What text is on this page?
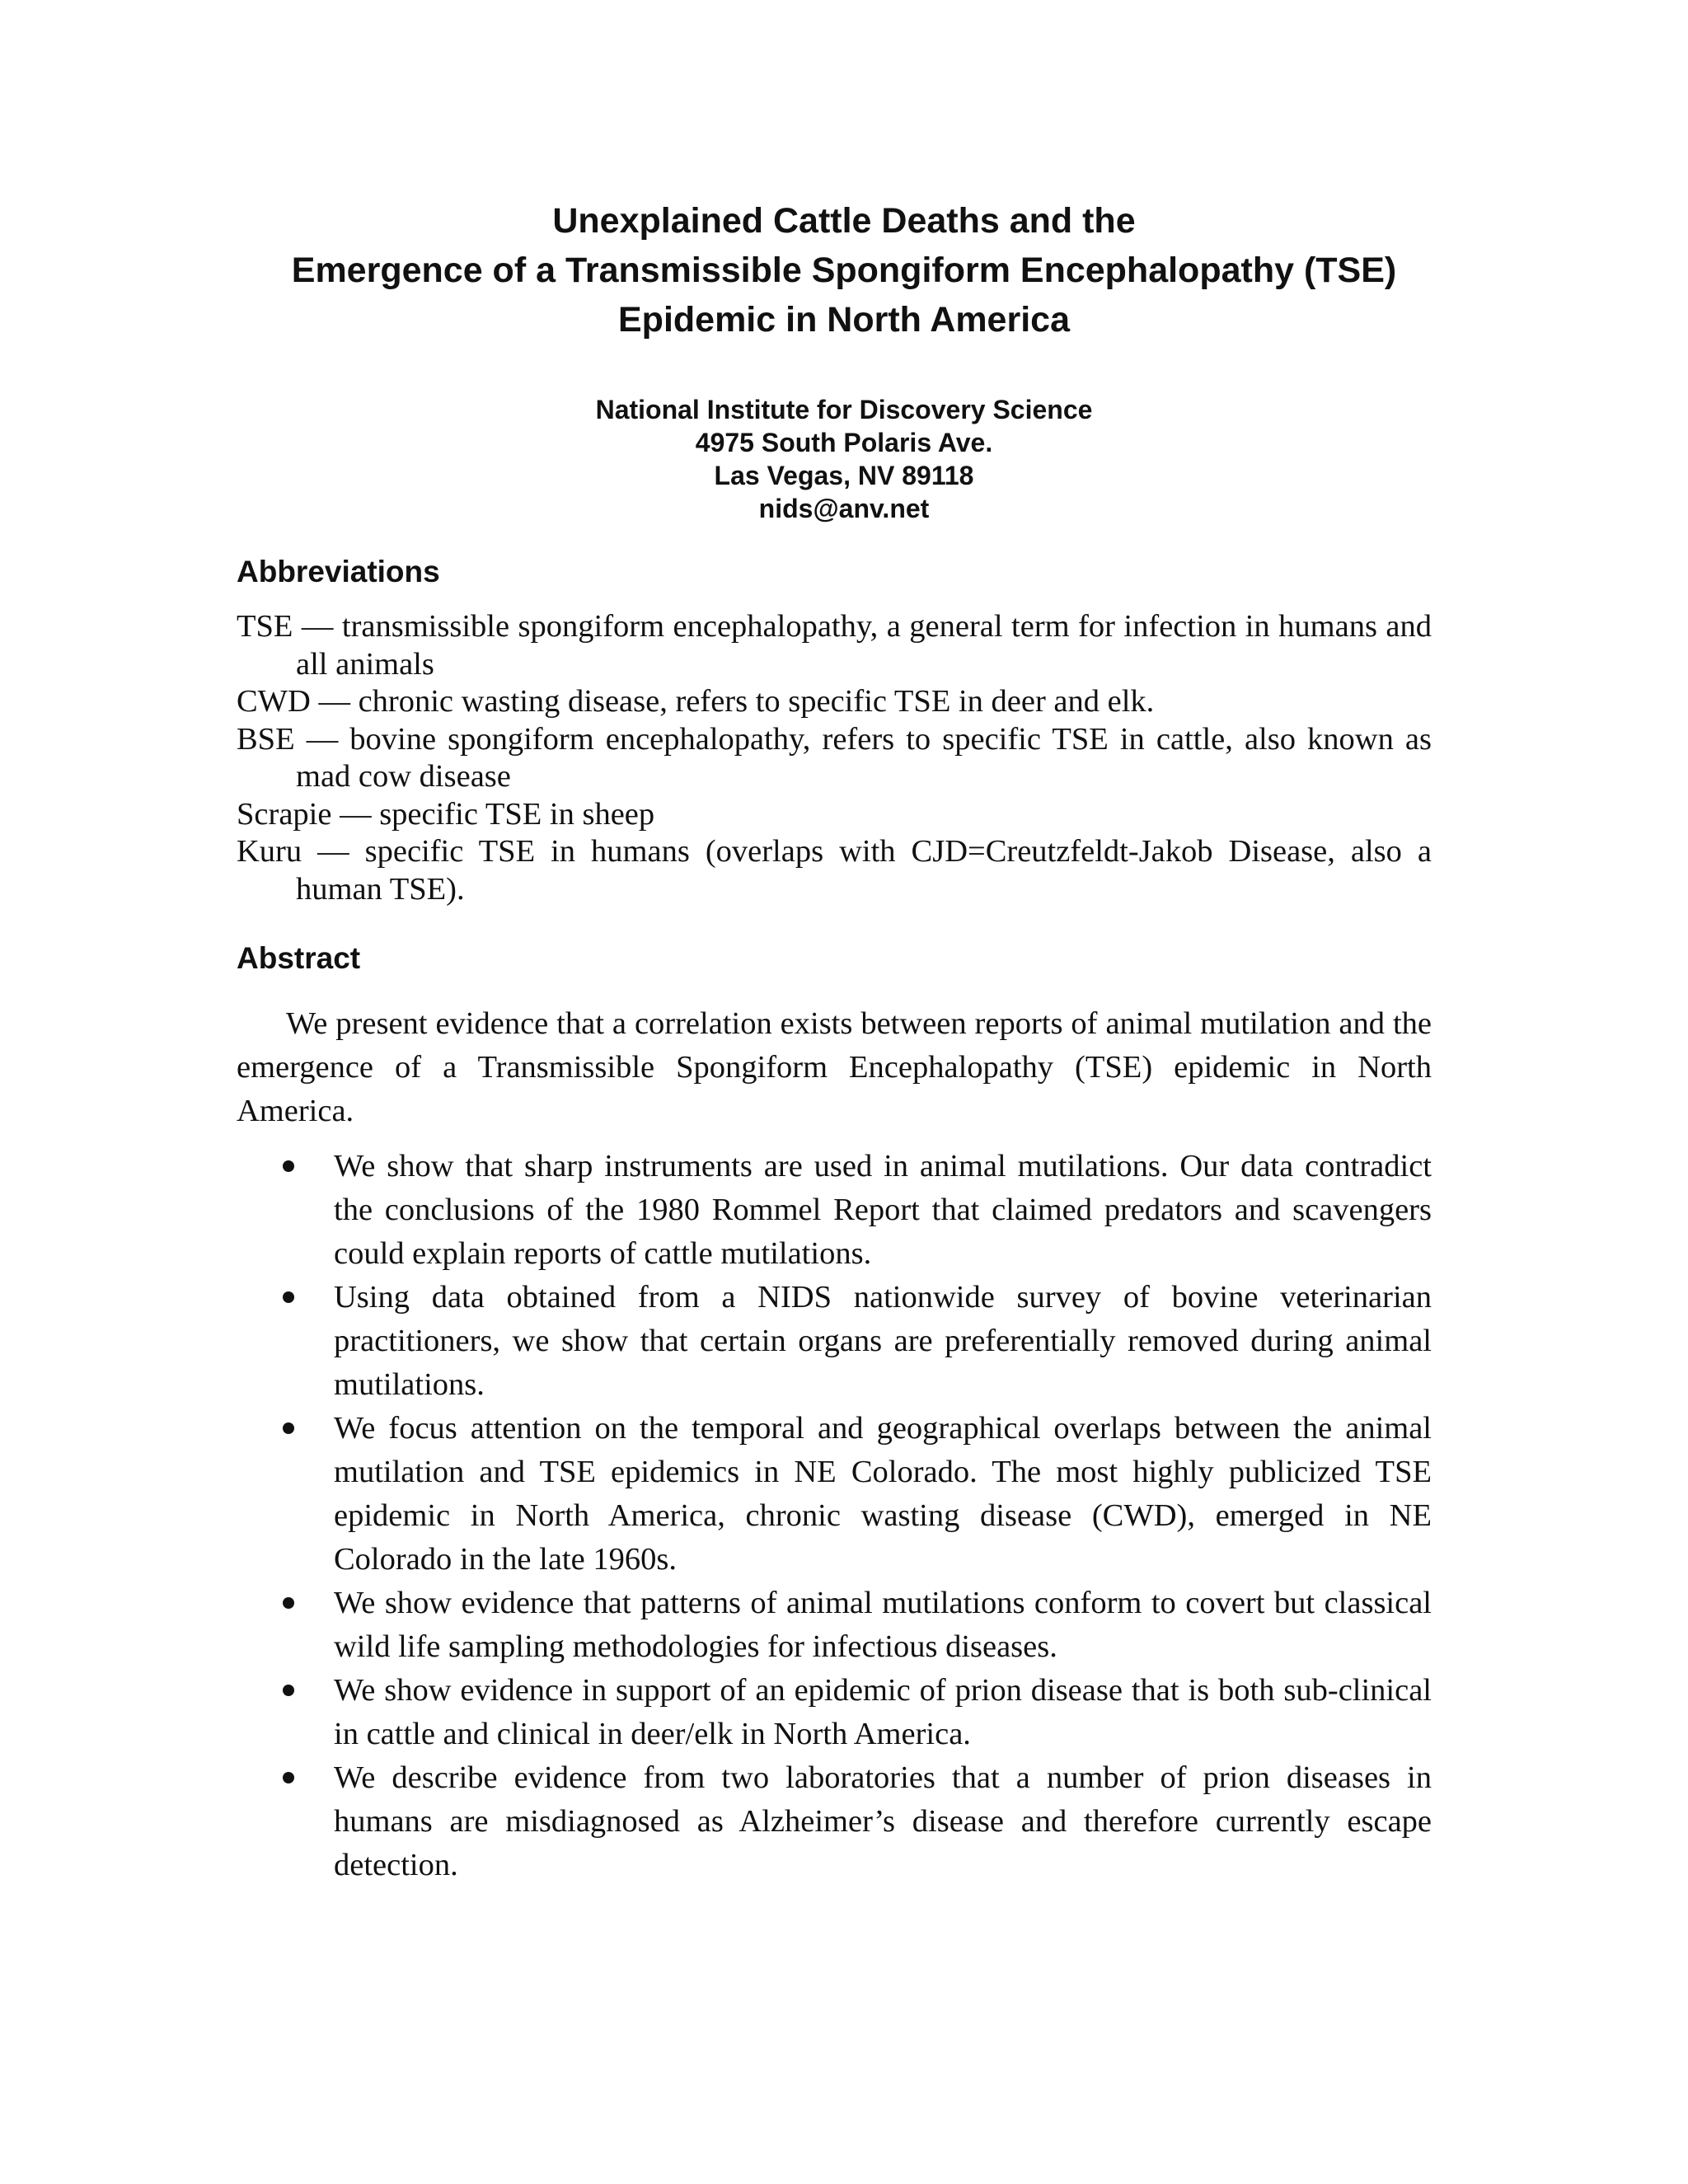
Unexplained Cattle Deaths and the
Emergence of a Transmissible Spongiform Encephalopathy (TSE)
Epidemic in North America
National Institute for Discovery Science
4975 South Polaris Ave.
Las Vegas, NV 89118
nids@anv.net
Abbreviations
TSE — transmissible spongiform encephalopathy, a general term for infection in humans and all animals
CWD — chronic wasting disease, refers to specific TSE in deer and elk.
BSE — bovine spongiform encephalopathy, refers to specific TSE in cattle, also known as mad cow disease
Scrapie — specific TSE in sheep
Kuru — specific TSE in humans (overlaps with CJD=Creutzfeldt-Jakob Disease, also a human TSE).
Abstract

We present evidence that a correlation exists between reports of animal mutilation and the emergence of a Transmissible Spongiform Encephalopathy (TSE) epidemic in North America.

We show that sharp instruments are used in animal mutilations. Our data contradict the conclusions of the 1980 Rommel Report that claimed predators and scavengers could explain reports of cattle mutilations.
Using data obtained from a NIDS nationwide survey of bovine veterinarian practitioners, we show that certain organs are preferentially removed during animal mutilations.
We focus attention on the temporal and geographical overlaps between the animal mutilation and TSE epidemics in NE Colorado. The most highly publicized TSE epidemic in North America, chronic wasting disease (CWD), emerged in NE Colorado in the late 1960s.
We show evidence that patterns of animal mutilations conform to covert but classical wild life sampling methodologies for infectious diseases.
We show evidence in support of an epidemic of prion disease that is both sub-clinical in cattle and clinical in deer/elk in North America.
We describe evidence from two laboratories that a number of prion diseases in humans are misdiagnosed as Alzheimer’s disease and therefore currently escape detection.
